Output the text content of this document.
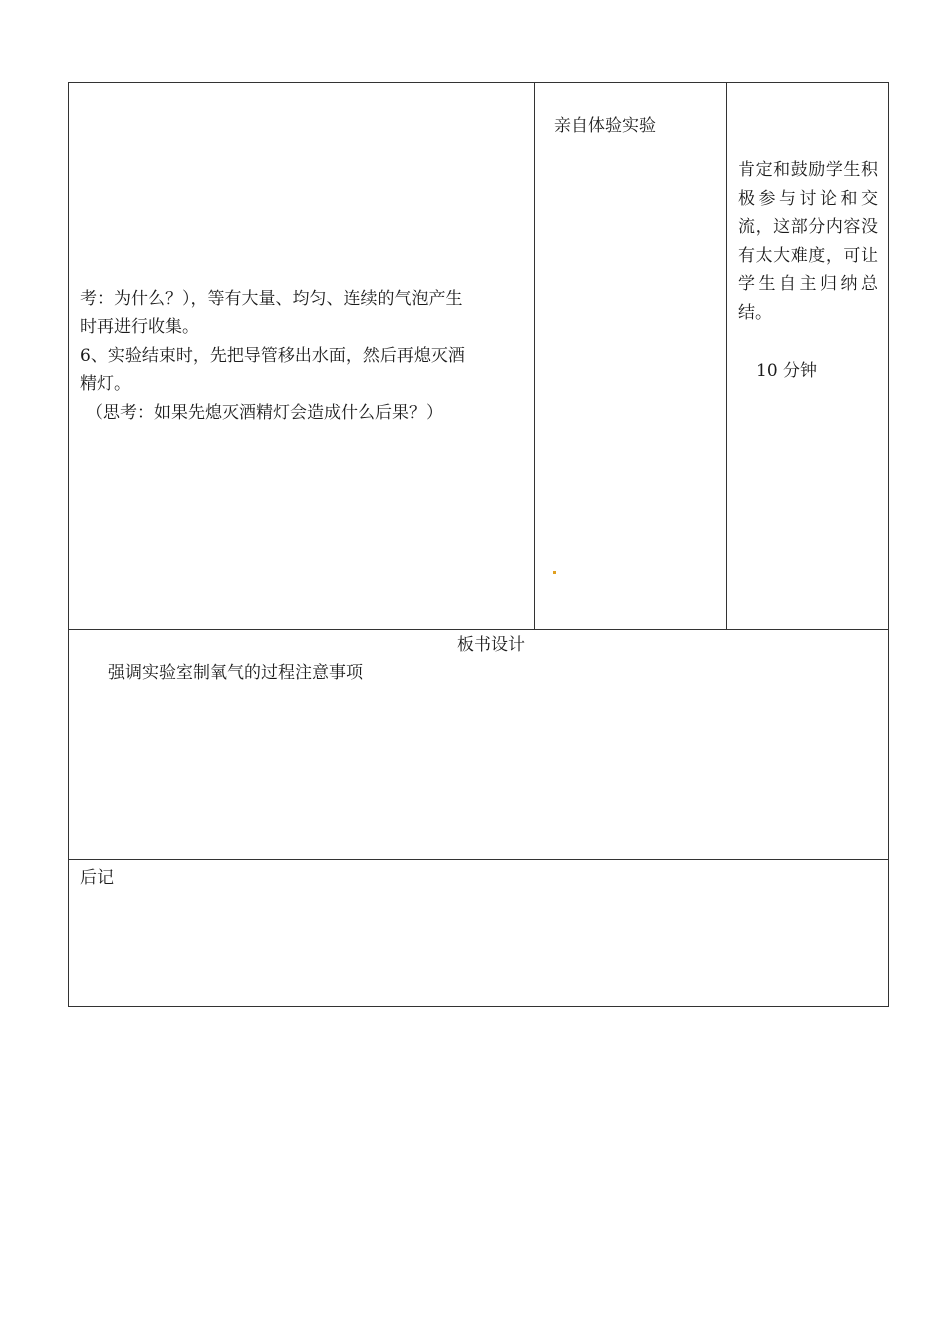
考：为什么？），等有大量、均匀、连续的气泡产生
时再进行收集。
6、实验结束时，先把导管移出水面，然后再熄灭酒
精灯。
（思考：如果先熄灭酒精灯会造成什么后果？）
亲自体验实验
肯定和鼓励学生积极参与讨论和交流，这部分内容没有太大难度，可让学生自主归纳总结。
10 分钟
板书设计
强调实验室制氧气的过程注意事项
后记
